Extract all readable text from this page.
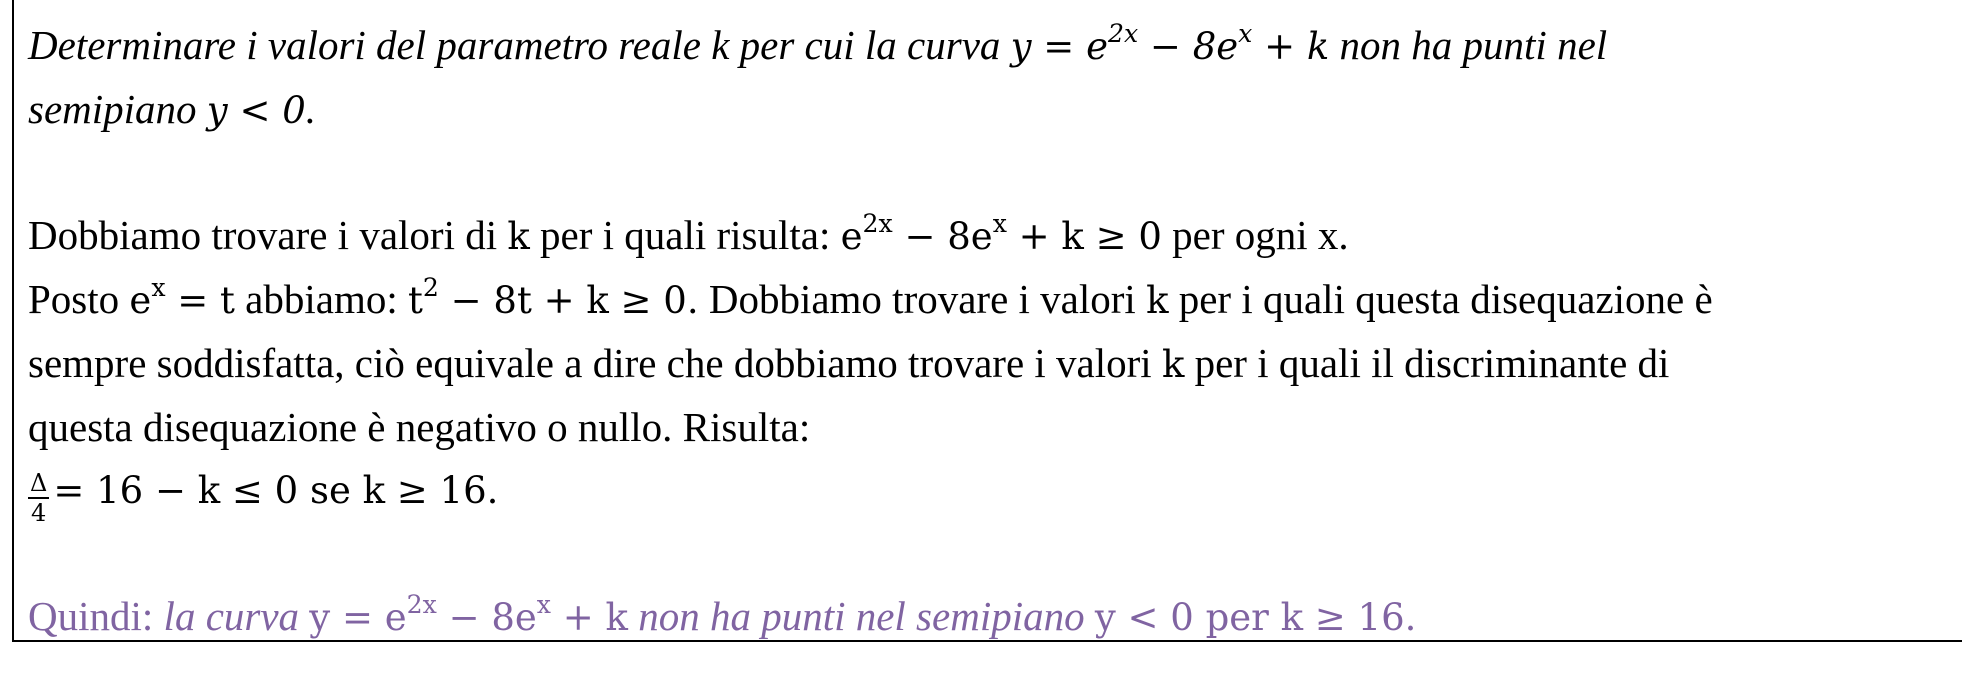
Determinare i valori del parametro reale k per cui la curva $y = e^{2x} - 8e^x + k$ non ha punti nel
semipiano y < 0.
Dobbiamo trovare i valori di k per i quali risulta: $e^{2x} - 8e^x + k \ge 0$ per ogni x.
Posto $e^x = t$ abbiamo: $t^2 - 8t + k \ge 0$. Dobbiamo trovare i valori k per i quali questa disequazione è
sempre soddisfatta, ciò equivale a dire che dobbiamo trovare i valori k per i quali il discriminante di
questa disequazione è negativo o nullo. Risulta:
$\frac{\Delta}{4} = 16 - k \le 0$ se k ≥ 16.
Quindi: la curva $y = e^{2x} - 8e^x + k$ non ha punti nel semipiano y < 0 per k ≥ 16.
